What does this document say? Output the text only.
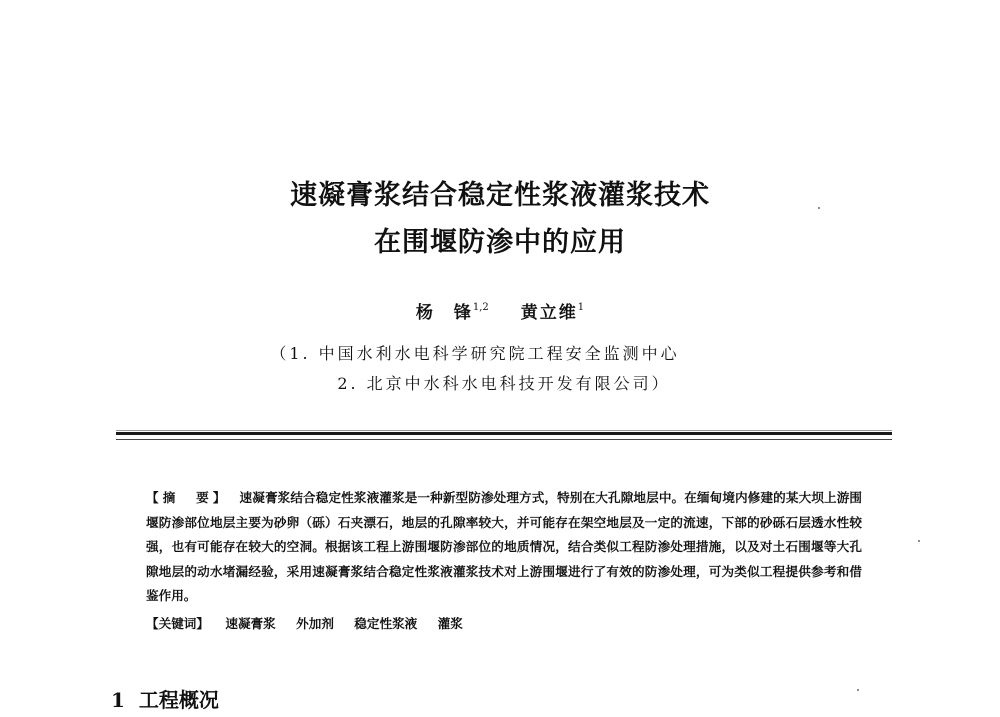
速凝膏浆结合稳定性浆液灌浆技术
在围堰防渗中的应用
杨　锋$^{1,2}$ 黄立维$^1$
（1. 中国水利水电科学研究院工程安全监测中心
2. 北京中水科水电科技开发有限公司）

【摘　要】 速凝膏浆结合稳定性浆液灌浆是一种新型防渗处理方式，特别在大孔隙地层中。在缅甸境内修建的某大坝上游围堰防渗部位地层主要为砂卵（砾）石夹漂石，地层的孔隙率较大，并可能存在架空地层及一定的流速，下部的砂砾石层透水性较强，也有可能存在较大的空洞。根据该工程上游围堰防渗部位的地质情况，结合类似工程防渗处理措施，以及对土石围堰等大孔隙地层的动水堵漏经验，采用速凝膏浆结合稳定性浆液灌浆技术对上游围堰进行了有效的防渗处理，可为类似工程提供参考和借鉴作用。

【关键词】 速凝膏浆 外加剂 稳定性浆液 灌浆
1 工程概况
